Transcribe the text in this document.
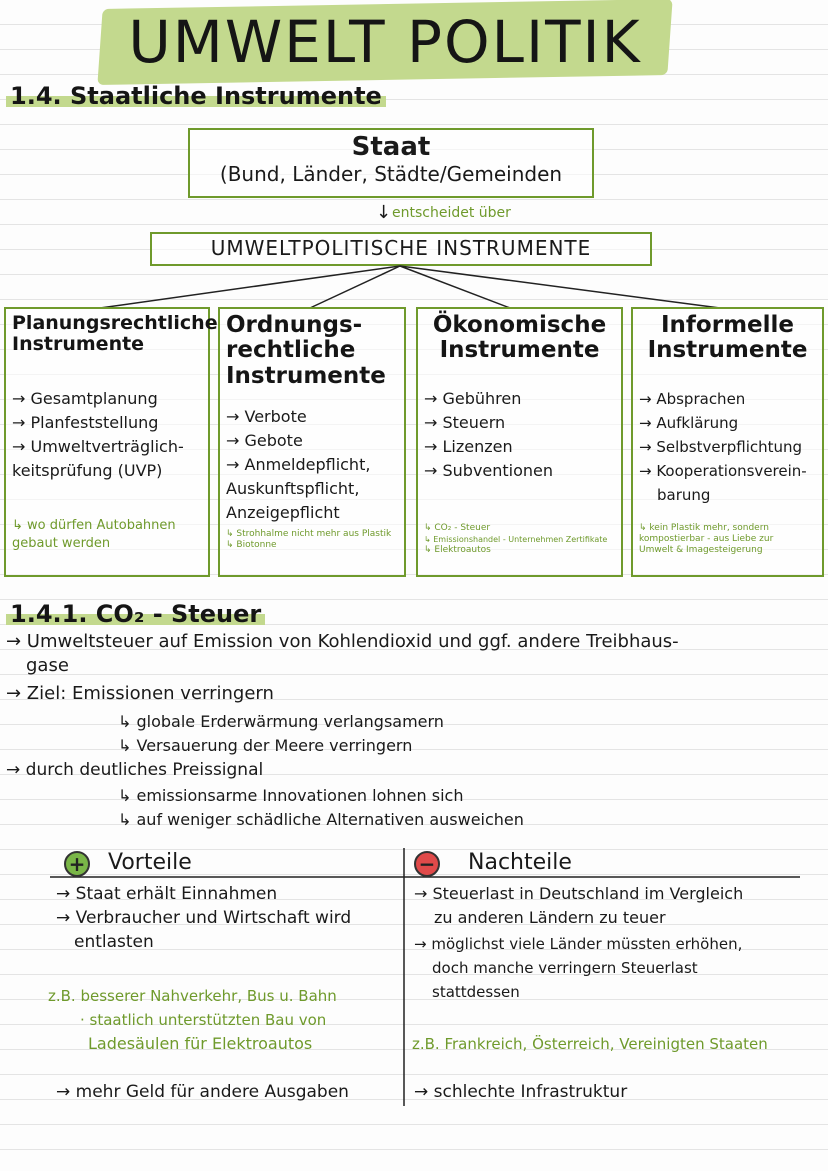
UMWELT POLITIK
1.4. Staatliche Instrumente
Staat
(Bund, Länder, Städte/Gemeinden
↓ entscheidet über
UMWELTPOLITISCHE INSTRUMENTE
Planungsrechtliche Instrumente
→ Gesamtplanung
→ Planfeststellung
→ Umweltverträglich-
keitsprüfung (UVP)
↳ wo dürfen Autobahnen gebaut werden
Ordnungs- rechtliche Instrumente
→ Verbote
→ Gebote
→ Anmeldepflicht,
Auskunftspflicht,
Anzeigepflicht
↳ Strohhalme nicht mehr aus Plastik
↳ Biotonne
Ökonomische Instrumente
→ Gebühren
→ Steuern
→ Lizenzen
→ Subventionen
↳ CO₂ - Steuer
↳ Emissionshandel - Unternehmen Zertifikate
↳ Elektroautos
Informelle Instrumente
→ Absprachen
→ Aufklärung
→ Selbstverpflichtung
→ Kooperationsverein-
barung
↳ kein Plastik mehr, sondern kompostierbar - aus Liebe zur Umwelt & Imagesteigerung
1.4.1. CO₂ - Steuer
→ Umweltsteuer auf Emission von Kohlendioxid und ggf. andere Treibhaus-
gase
→ Ziel: Emissionen verringern
↳ globale Erderwärmung verlangsamern
↳ Versauerung der Meere verringern
→ durch deutliches Preissignal
↳ emissionsarme Innovationen lohnen sich
↳ auf weniger schädliche Alternativen ausweichen
+ Vorteile	− Nachteile
→ Staat erhält Einnahmen
→ Verbraucher und Wirtschaft wird
entlasten
z.B. besserer Nahverkehr, Bus u. Bahn
· staatlich unterstützten Bau von
Ladesäulen für Elektroautos
→ mehr Geld für andere Ausgaben
→ Steuerlast in Deutschland im Vergleich
zu anderen Ländern zu teuer
→ möglichst viele Länder müssten erhöhen,
doch manche verringern Steuerlast
stattdessen
z.B. Frankreich, Österreich, Vereinigten Staaten
→ schlechte Infrastruktur
